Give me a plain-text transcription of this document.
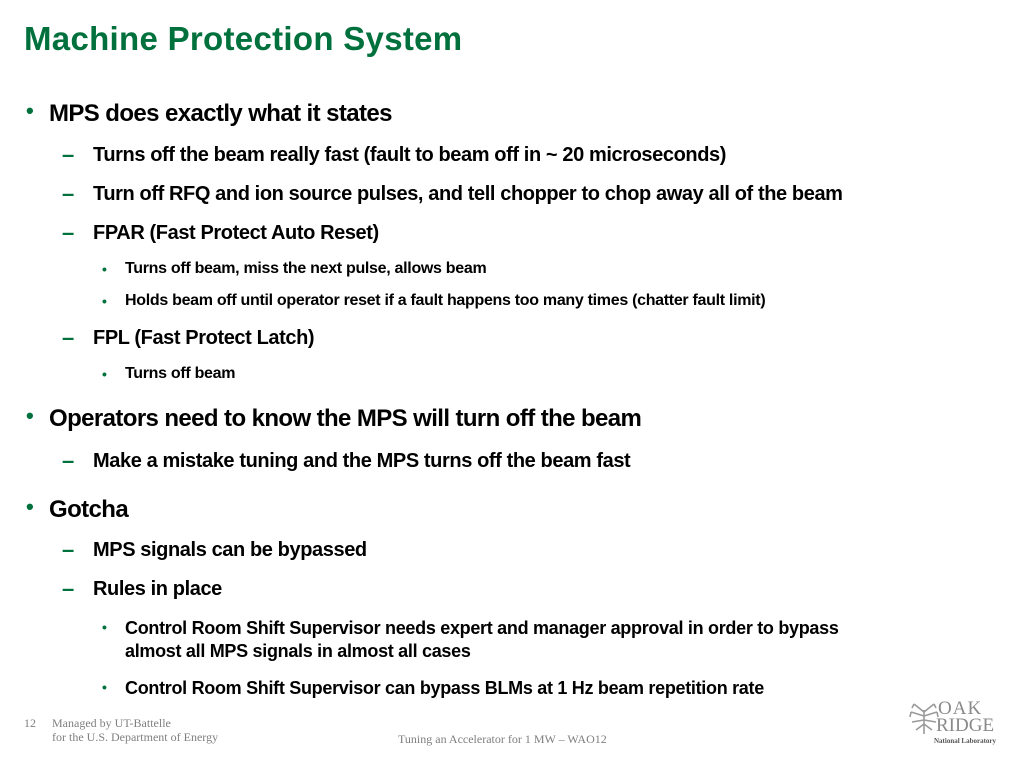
Machine Protection System
• MPS does exactly what it states
– Turns off the beam really fast (fault to beam off in ~ 20 microseconds)
– Turn off RFQ and ion source pulses, and tell chopper to chop away all of the beam
– FPAR (Fast Protect Auto Reset)
• Turns off beam, miss the next pulse, allows beam
• Holds beam off until operator reset if a fault happens too many times (chatter fault limit)
– FPL (Fast Protect Latch)
• Turns off beam
• Operators need to know the MPS will turn off the beam
– Make a mistake tuning and the MPS turns off the beam fast
• Gotcha
– MPS signals can be bypassed
– Rules in place
• Control Room Shift Supervisor needs expert and manager approval in order to bypass
almost all MPS signals in almost all cases
• Control Room Shift Supervisor can bypass BLMs at 1 Hz beam repetition rate
12 Managed by UT-Battelle
for the U.S. Department of Energy	Tuning an Accelerator for 1 MW – WAO12
OAK
RIDGE
National Laboratory
